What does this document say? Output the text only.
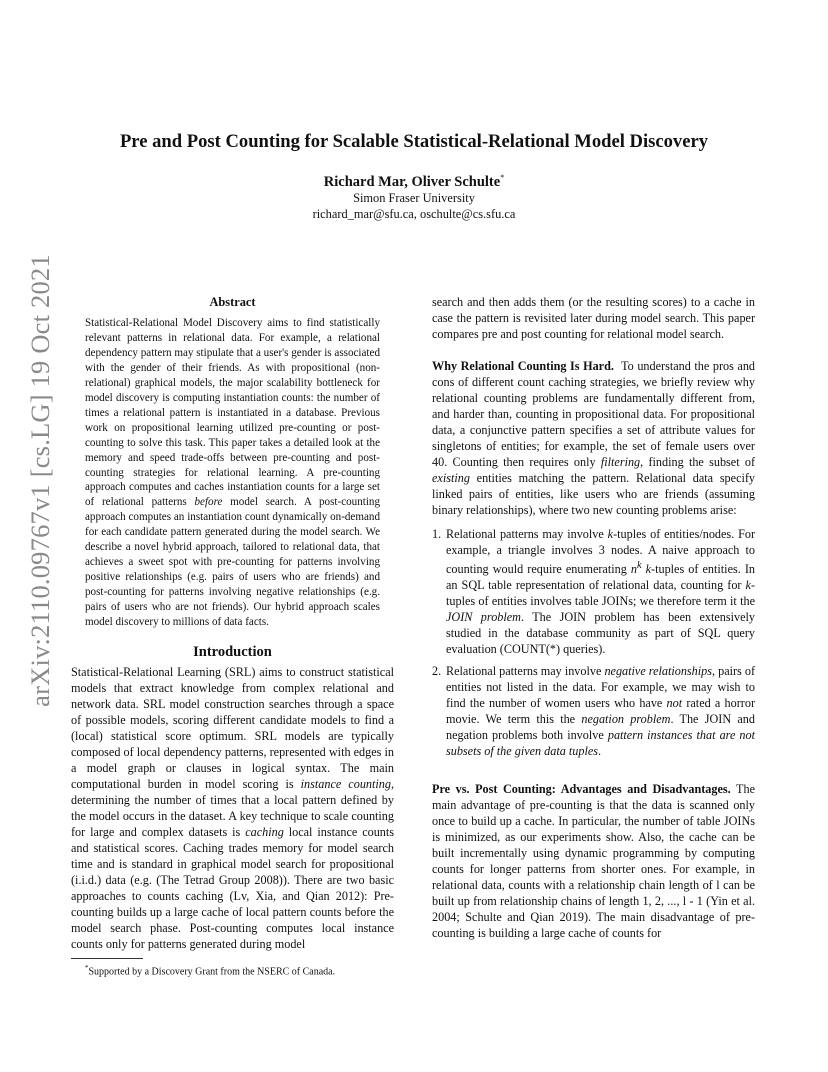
arXiv:2110.09767v1 [cs.LG] 19 Oct 2021
Pre and Post Counting for Scalable Statistical-Relational Model Discovery
Richard Mar, Oliver Schulte*
Simon Fraser University
richard_mar@sfu.ca, oschulte@cs.sfu.ca
Abstract
Statistical-Relational Model Discovery aims to find statistically relevant patterns in relational data. For example, a relational dependency pattern may stipulate that a user's gender is associated with the gender of their friends. As with propositional (non-relational) graphical models, the major scalability bottleneck for model discovery is computing instantiation counts: the number of times a relational pattern is instantiated in a database. Previous work on propositional learning utilized pre-counting or post-counting to solve this task. This paper takes a detailed look at the memory and speed trade-offs between pre-counting and post-counting strategies for relational learning. A pre-counting approach computes and caches instantiation counts for a large set of relational patterns before model search. A post-counting approach computes an instantiation count dynamically on-demand for each candidate pattern generated during the model search. We describe a novel hybrid approach, tailored to relational data, that achieves a sweet spot with pre-counting for patterns involving positive relationships (e.g. pairs of users who are friends) and post-counting for patterns involving negative relationships (e.g. pairs of users who are not friends). Our hybrid approach scales model discovery to millions of data facts.
Introduction

Statistical-Relational Learning (SRL) aims to construct statistical models that extract knowledge from complex relational and network data. SRL model construction searches through a space of possible models, scoring different candidate models to find a (local) statistical score optimum. SRL models are typically composed of local dependency patterns, represented with edges in a model graph or clauses in logical syntax. The main computational burden in model scoring is instance counting, determining the number of times that a local pattern defined by the model occurs in the dataset. A key technique to scale counting for large and complex datasets is caching local instance counts and statistical scores. Caching trades memory for model search time and is standard in graphical model search for propositional (i.i.d.) data (e.g. (The Tetrad Group 2008)). There are two basic approaches to counts caching (Lv, Xia, and Qian 2012): Pre-counting builds up a large cache of local pattern counts before the model search phase. Post-counting computes local instance counts only for patterns generated during model

*Supported by a Discovery Grant from the NSERC of Canada.

search and then adds them (or the resulting scores) to a cache in case the pattern is revisited later during model search. This paper compares pre and post counting for relational model search.

Why Relational Counting Is Hard. To understand the pros and cons of different count caching strategies, we briefly review why relational counting problems are fundamentally different from, and harder than, counting in propositional data. For propositional data, a conjunctive pattern specifies a set of attribute values for singletons of entities; for example, the set of female users over 40. Counting then requires only filtering, finding the subset of existing entities matching the pattern. Relational data specify linked pairs of entities, like users who are friends (assuming binary relationships), where two new counting problems arise:

1. Relational patterns may involve k-tuples of entities/nodes. For example, a triangle involves 3 nodes. A naive approach to counting would require enumerating $n^k$ k-tuples of entities. In an SQL table representation of relational data, counting for k-tuples of entities involves table JOINs; we therefore term it the JOIN problem. The JOIN problem has been extensively studied in the database community as part of SQL query evaluation (COUNT(*) queries).
2. Relational patterns may involve negative relationships, pairs of entities not listed in the data. For example, we may wish to find the number of women users who have not rated a horror movie. We term this the negation problem. The JOIN and negation problems both involve pattern instances that are not subsets of the given data tuples.

Pre vs. Post Counting: Advantages and Disadvantages. The main advantage of pre-counting is that the data is scanned only once to build up a cache. In particular, the number of table JOINs is minimized, as our experiments show. Also, the cache can be built incrementally using dynamic programming by computing counts for longer patterns from shorter ones. For example, in relational data, counts with a relationship chain length of l can be built up from relationship chains of length 1, 2, ..., l - 1 (Yin et al. 2004; Schulte and Qian 2019). The main disadvantage of pre-counting is building a large cache of counts for
